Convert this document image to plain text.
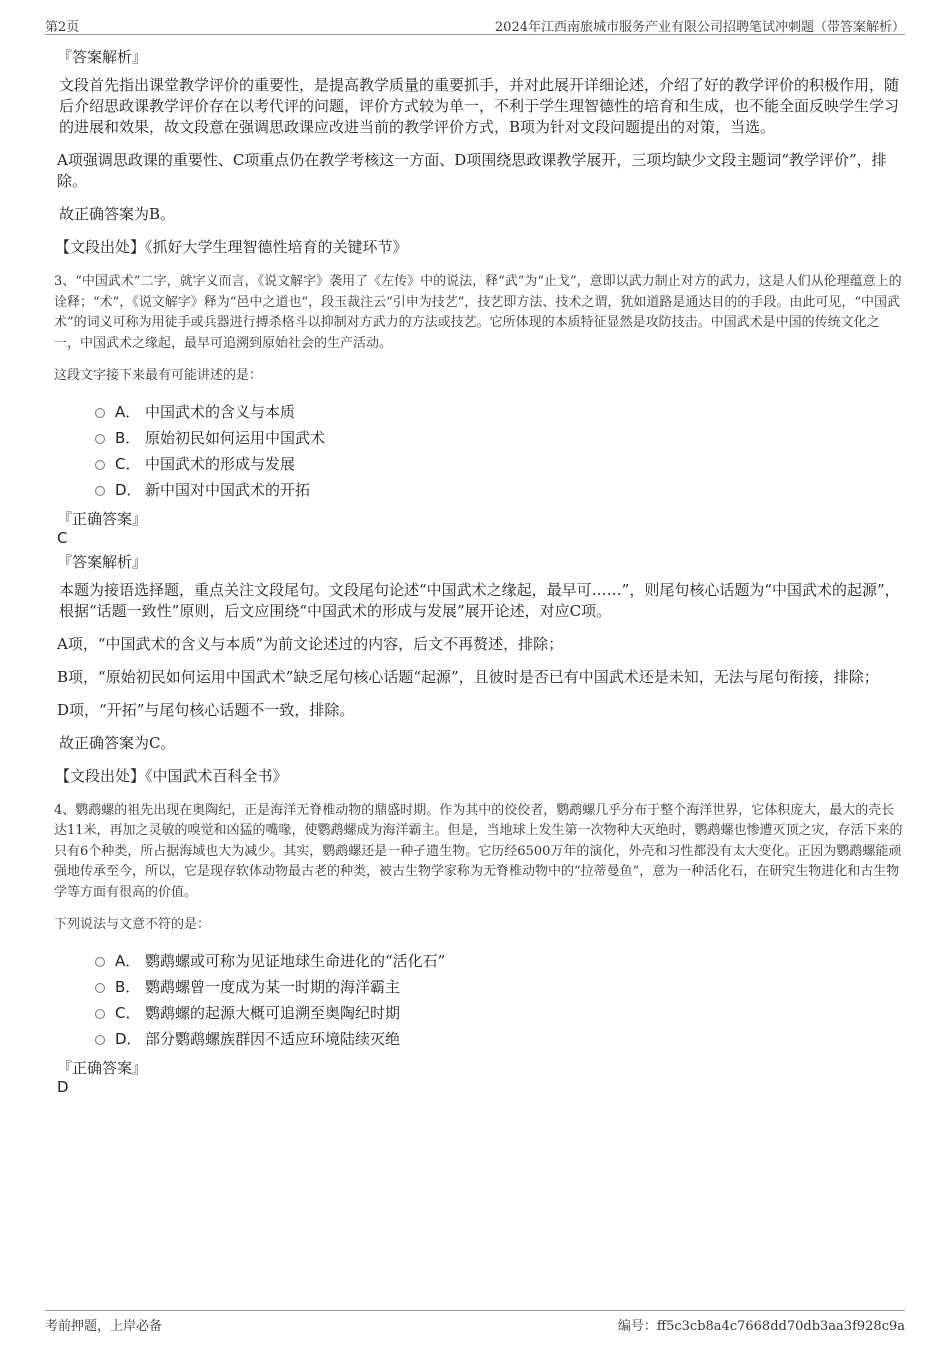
第2页	2024年江西南旅城市服务产业有限公司招聘笔试冲刺题（带答案解析）
『答案解析』

文段首先指出课堂教学评价的重要性，是提高教学质量的重要抓手，并对此展开详细论述，介绍了好的教学评价的积极作用，随后介绍思政课教学评价存在以考代评的问题，评价方式较为单一，不利于学生理智德性的培育和生成，也不能全面反映学生学习的进展和效果，故文段意在强调思政课应改进当前的教学评价方式，B项为针对文段问题提出的对策，当选。

A项强调思政课的重要性、C项重点仍在教学考核这一方面、D项围绕思政课教学展开，三项均缺少文段主题词“教学评价”，排除。

故正确答案为B。

【文段出处】《抓好大学生理智德性培育的关键环节》

3、“中国武术”二字，就字义而言，《说文解字》袭用了《左传》中的说法，释“武”为“止戈”，意即以武力制止对方的武力，这是人们从伦理蕴意上的诠释；“术”，《说文解字》释为“邑中之道也”，段玉裁注云“引申为技艺”，技艺即方法、技术之谓，犹如道路是通达目的的手段。由此可见，“中国武术”的词义可称为用徒手或兵器进行搏杀格斗以抑制对方武力的方法或技艺。它所体现的本质特征显然是攻防技击。中国武术是中国的传统文化之一，中国武术之缘起，最早可追溯到原始社会的生产活动。

这段文字接下来最有可能讲述的是：

A． 中国武术的含义与本质
B． 原始初民如何运用中国武术
C． 中国武术的形成与发展
D． 新中国对中国武术的开拓
『正确答案』
C
『答案解析』

本题为接语选择题，重点关注文段尾句。文段尾句论述“中国武术之缘起，最早可……”，则尾句核心话题为“中国武术的起源”，根据“话题一致性”原则，后文应围绕“中国武术的形成与发展”展开论述，对应C项。

A项，“中国武术的含义与本质”为前文论述过的内容，后文不再赘述，排除；

B项，“原始初民如何运用中国武术”缺乏尾句核心话题“起源”，且彼时是否已有中国武术还是未知，无法与尾句衔接，排除；

D项，“开拓”与尾句核心话题不一致，排除。

故正确答案为C。

【文段出处】《中国武术百科全书》

4、鹦鹉螺的祖先出现在奥陶纪，正是海洋无脊椎动物的鼎盛时期。作为其中的佼佼者，鹦鹉螺几乎分布于整个海洋世界，它体积庞大，最大的壳长达11米，再加之灵敏的嗅觉和凶猛的嘴喙，使鹦鹉螺成为海洋霸主。但是，当地球上发生第一次物种大灭绝时，鹦鹉螺也惨遭灭顶之灾，存活下来的只有6个种类，所占据海域也大为减少。其实，鹦鹉螺还是一种孑遗生物。它历经6500万年的演化，外壳和习性都没有太大变化。正因为鹦鹉螺能顽强地传承至今，所以，它是现存软体动物最古老的种类，被古生物学家称为无脊椎动物中的“拉蒂曼鱼”，意为一种活化石，在研究生物进化和古生物学等方面有很高的价值。

下列说法与文意不符的是：

A． 鹦鹉螺或可称为见证地球生命进化的“活化石”
B． 鹦鹉螺曾一度成为某一时期的海洋霸主
C． 鹦鹉螺的起源大概可追溯至奥陶纪时期
D． 部分鹦鹉螺族群因不适应环境陆续灭绝
『正确答案』
D
考前押题，上岸必备	编号：ff5c3cb8a4c7668dd70db3aa3f928c9a
